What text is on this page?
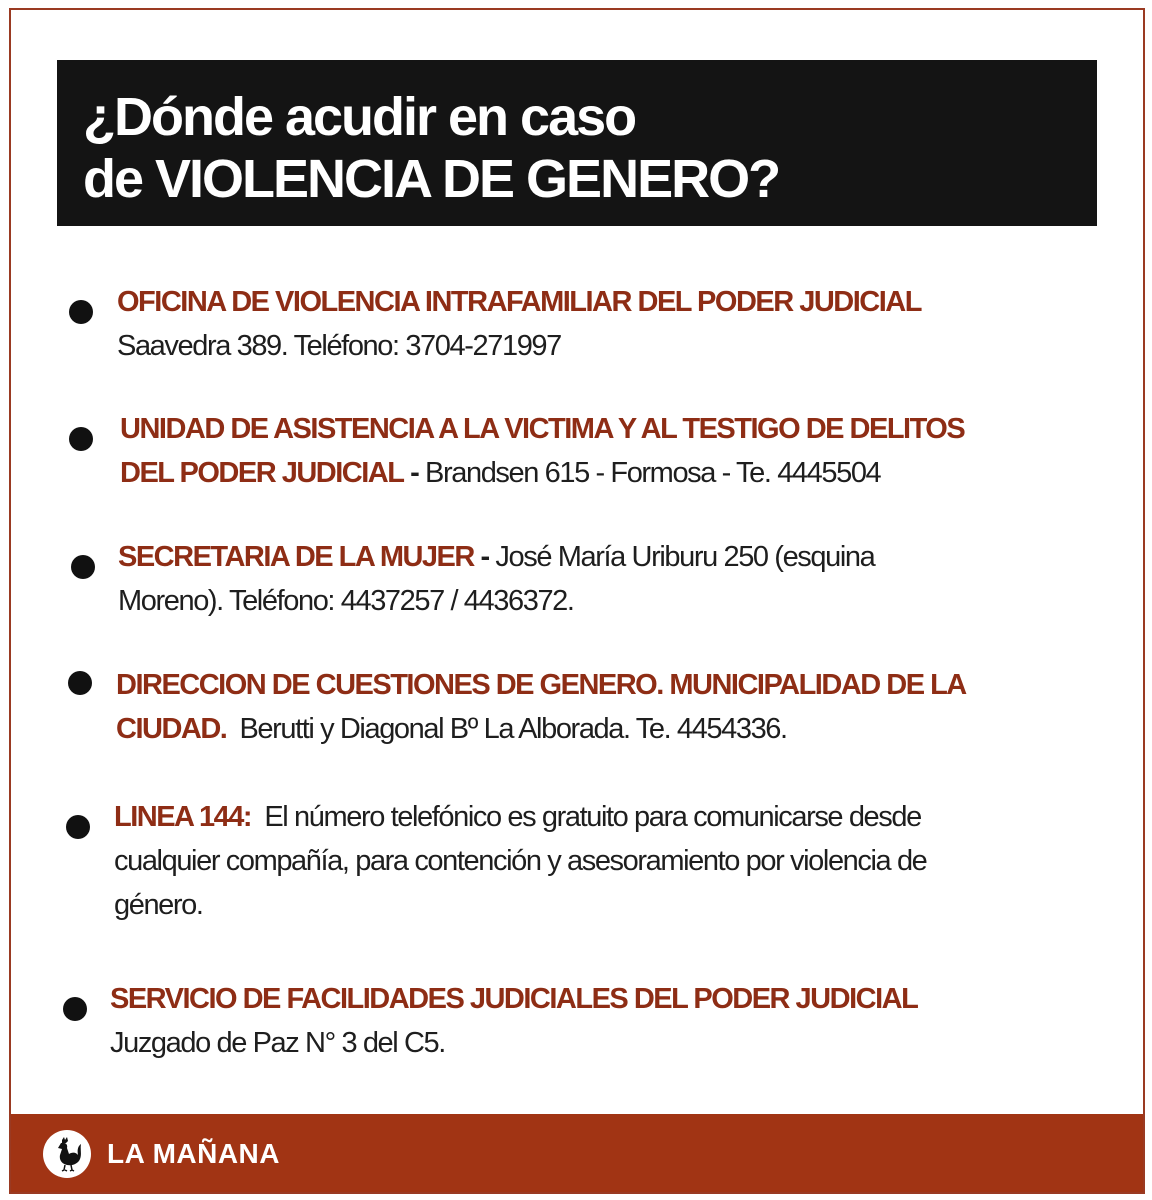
¿Dónde acudir en caso
de VIOLENCIA DE GENERO?
OFICINA DE VIOLENCIA INTRAFAMILIAR DEL PODER JUDICIAL
Saavedra 389. Teléfono: 3704-271997
UNIDAD DE ASISTENCIA A LA VICTIMA Y AL TESTIGO DE DELITOS
DEL PODER JUDICIAL - Brandsen 615 - Formosa - Te. 4445504
SECRETARIA DE LA MUJER - José María Uriburu 250 (esquina
Moreno). Teléfono: 4437257 / 4436372.
DIRECCION DE CUESTIONES DE GENERO. MUNICIPALIDAD DE LA
CIUDAD.  Berutti y Diagonal Bº La Alborada. Te. 4454336.
LINEA 144: El número telefónico es gratuito para comunicarse desde
cualquier compañía, para contención y asesoramiento por violencia de
género.
SERVICIO DE FACILIDADES JUDICIALES DEL PODER JUDICIAL
Juzgado de Paz N° 3 del C5.
LA MAÑANA
